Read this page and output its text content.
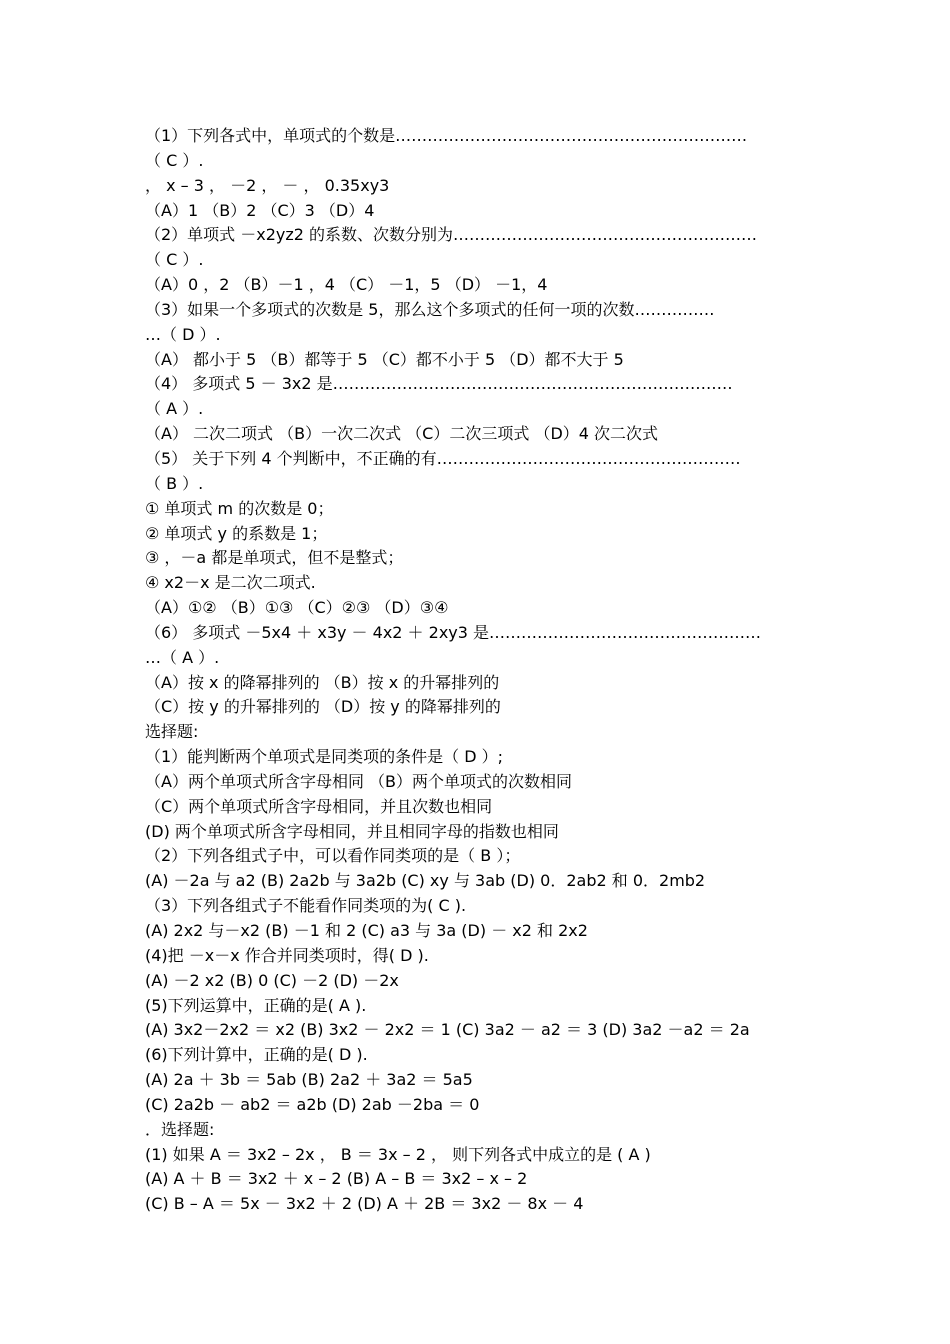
（1）下列各式中，单项式的个数是…………………………………………………………
（ C ）.
， x – 3 ， －2 ， － ， 0.35xy3
（A）1 （B）2 （C）3 （D）4
（2）单项式 －x2yz2 的系数、次数分别为…………………………………………………
（ C ）.
（A）0 ，2 （B）－1 ，4 （C） －1，5 （D） －1，4
（3）如果一个多项式的次数是 5，那么这个多项式的任何一项的次数……………
…（ D ）.
（A） 都小于 5 （B）都等于 5 （C）都不小于 5 （D）都不大于 5
（4） 多项式 5 － 3x2 是…………………………………………………………………
（ A ）.
（A） 二次二项式 （B）一次二次式 （C）二次三项式 （D）4 次二次式
（5） 关于下列 4 个判断中，不正确的有…………………………………………………
（ B ）.
① 单项式 m 的次数是 0；
② 单项式 y 的系数是 1；
③ ，－a 都是单项式，但不是整式；
④ x2－x 是二次二项式.
（A）①② （B）①③ （C）②③ （D）③④
（6） 多项式 －5x4 ＋ x3y － 4x2 ＋ 2xy3 是……………………………………………
…（ A ）.
（A）按 x 的降幂排列的 （B）按 x 的升幂排列的
（C）按 y 的升幂排列的 （D）按 y 的降幂排列的
选择题:
（1）能判断两个单项式是同类项的条件是（ D ）;
（A）两个单项式所含字母相同 （B）两个单项式的次数相同
（C）两个单项式所含字母相同，并且次数也相同
(D) 两个单项式所含字母相同，并且相同字母的指数也相同
（2）下列各组式子中，可以看作同类项的是（ B ）；
(A) －2a 与 a2 (B) 2a2b 与 3a2b (C) xy 与 3ab (D) 0．2ab2 和 0．2mb2
（3）下列各组式子不能看作同类项的为( C ).
(A) 2x2 与－x2 (B) －1 和 2 (C) a3 与 3a (D) － x2 和 2x2
(4)把 －x－x 作合并同类项时，得( D ).
(A) －2 x2 (B) 0 (C) －2 (D) －2x
(5)下列运算中，正确的是( A ).
(A) 3x2－2x2 ＝ x2 (B) 3x2 － 2x2 ＝ 1 (C) 3a2 － a2 ＝ 3 (D) 3a2 －a2 ＝ 2a
(6)下列计算中，正确的是( D ).
(A) 2a ＋ 3b ＝ 5ab (B) 2a2 ＋ 3a2 ＝ 5a5
(C) 2a2b － ab2 ＝ a2b (D) 2ab －2ba ＝ 0
．选择题:
(1) 如果 A ＝ 3x2 – 2x ， B ＝ 3x – 2 ， 则下列各式中成立的是 ( A )
(A) A ＋ B ＝ 3x2 ＋ x – 2 (B) A – B ＝ 3x2 – x – 2
(C) B – A ＝ 5x － 3x2 ＋ 2 (D) A ＋ 2B ＝ 3x2 － 8x － 4
